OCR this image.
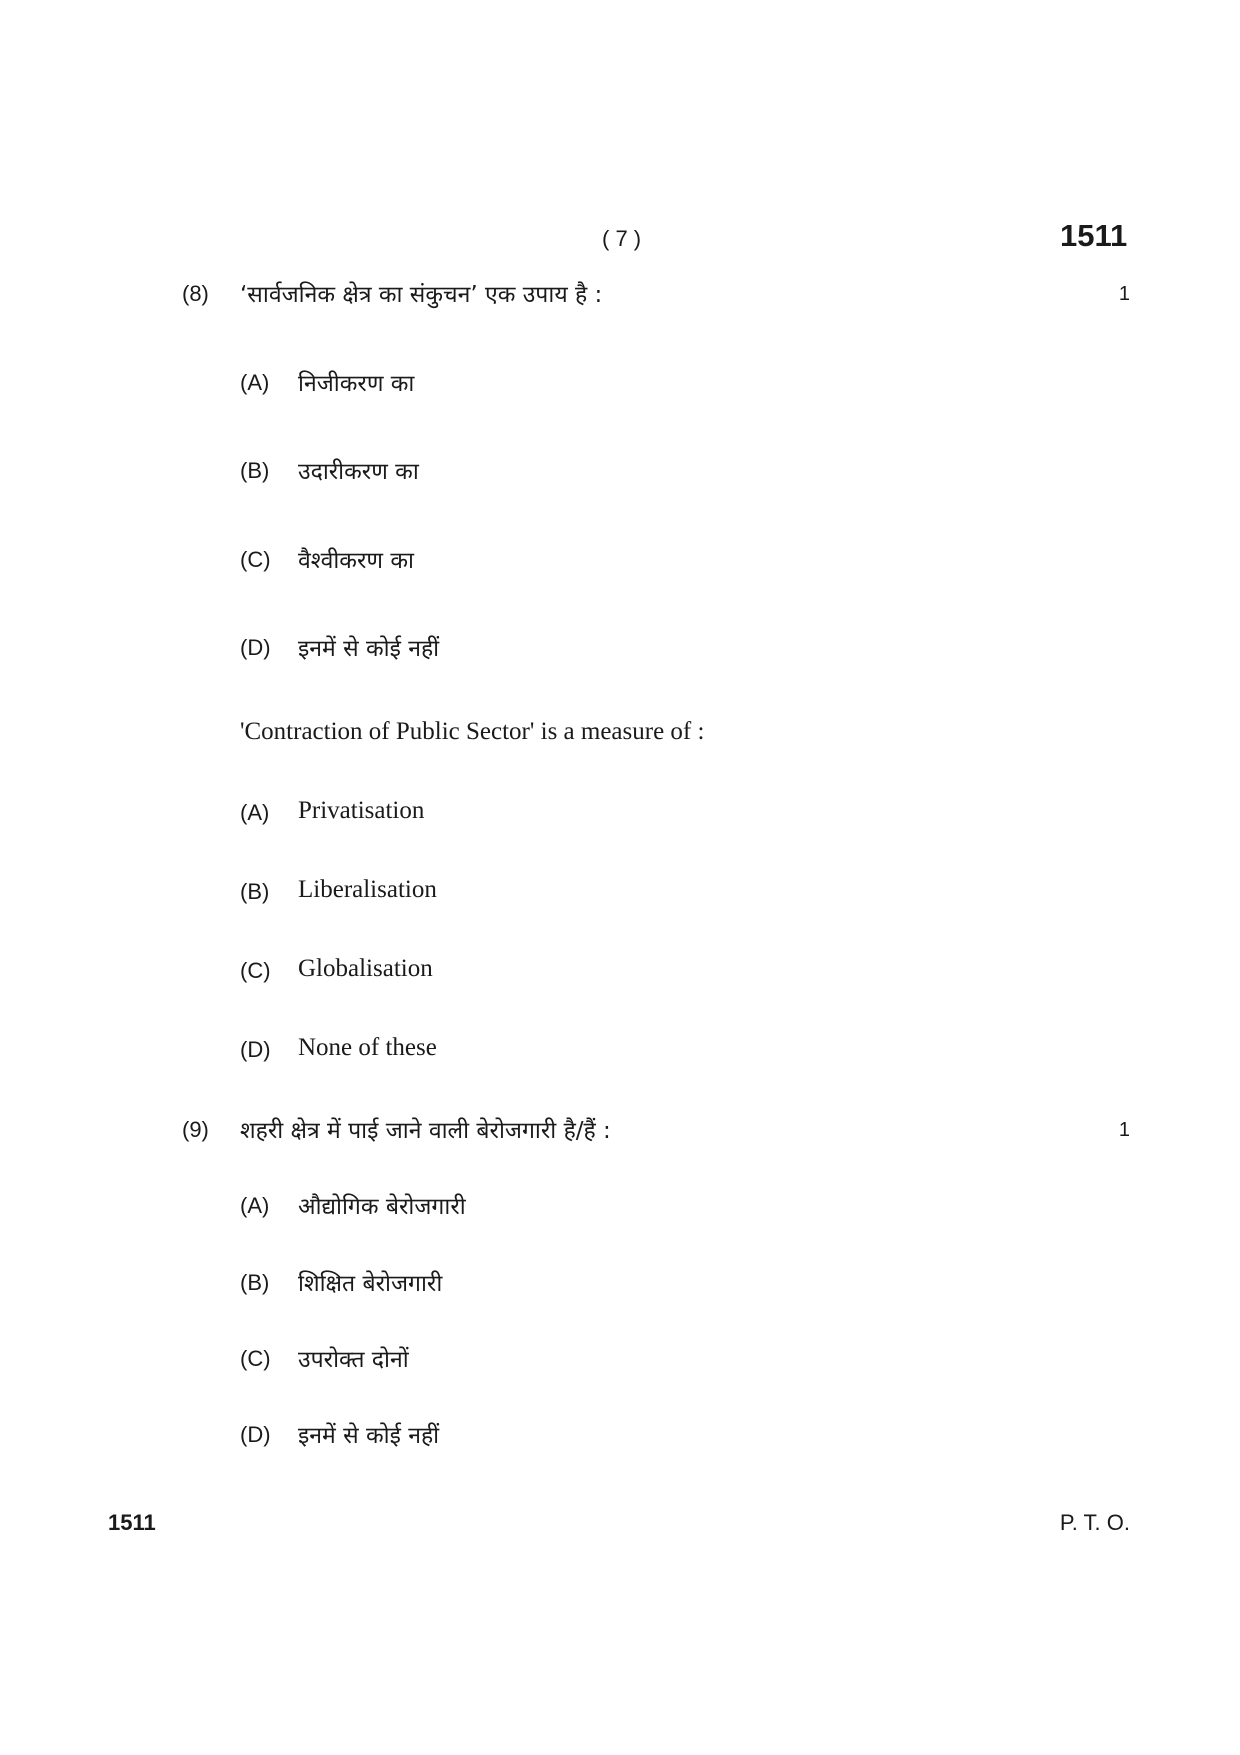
( 7 )	1511
(8) ‘सार्वजनिक क्षेत्र का संकुचन’ एक उपाय है :	1
(A) निजीकरण का
(B) उदारीकरण का
(C) वैश्वीकरण का
(D) इनमें से कोई नहीं
'Contraction of Public Sector' is a measure of :
(A) Privatisation
(B) Liberalisation
(C) Globalisation
(D) None of these
(9) शहरी क्षेत्र में पाई जाने वाली बेरोजगारी है/हैं :	1
(A) औद्योगिक बेरोजगारी
(B) शिक्षित बेरोजगारी
(C) उपरोक्त दोनों
(D) इनमें से कोई नहीं
1511	P. T. O.
